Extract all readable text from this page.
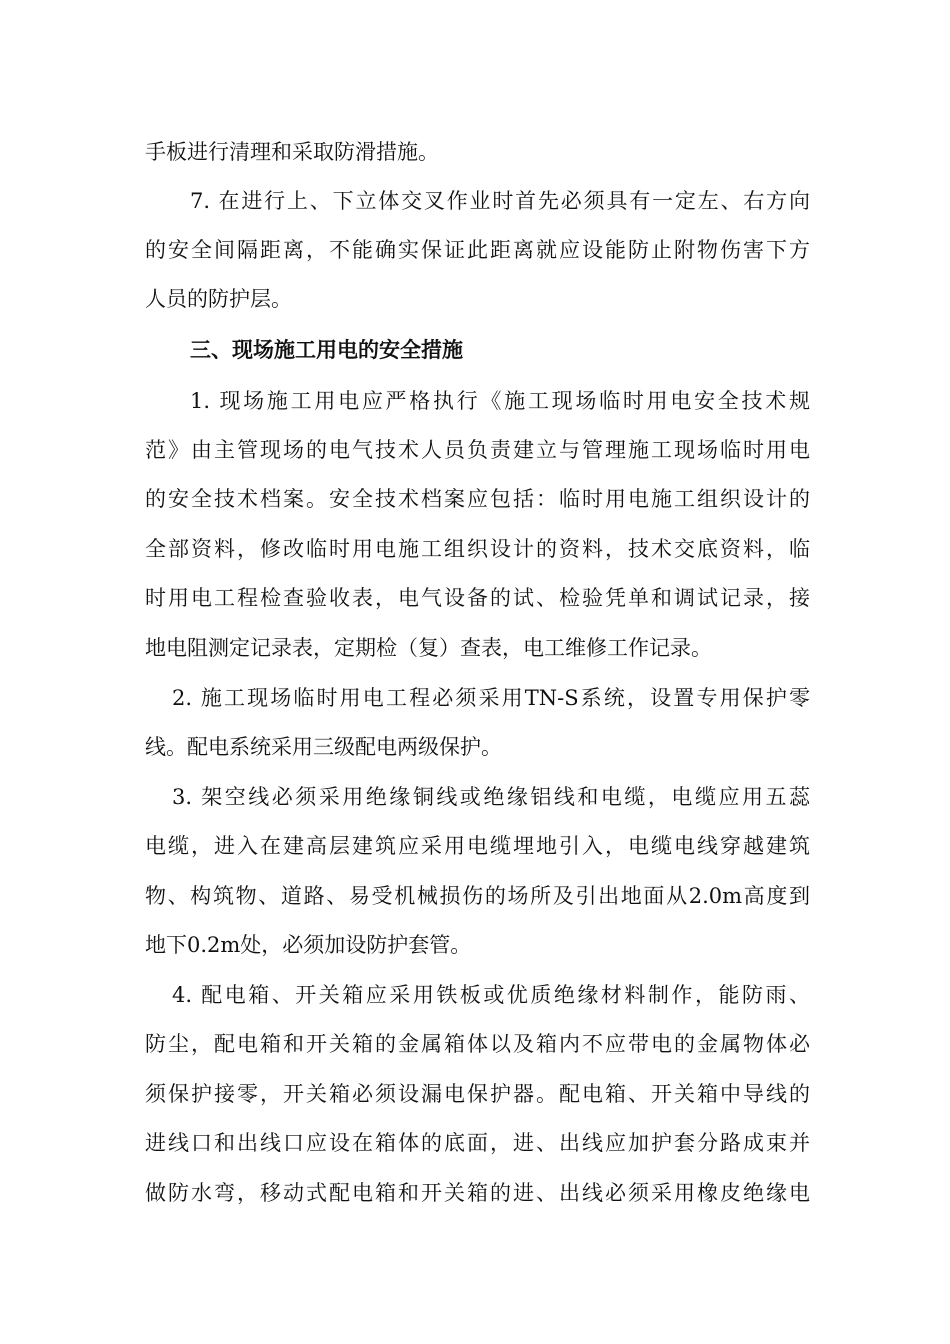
手板进行清理和采取防滑措施。
7. 在进行上、下立体交叉作业时首先必须具有一定左、右方向
的安全间隔距离，不能确实保证此距离就应设能防止附物伤害下方
人员的防护层。
三、现场施工用电的安全措施
1. 现场施工用电应严格执行《施工现场临时用电安全技术规
范》由主管现场的电气技术人员负责建立与管理施工现场临时用电
的安全技术档案。安全技术档案应包括：临时用电施工组织设计的
全部资料，修改临时用电施工组织设计的资料，技术交底资料，临
时用电工程检查验收表，电气设备的试、检验凭单和调试记录，接
地电阻测定记录表，定期检（复）查表，电工维修工作记录。
2. 施工现场临时用电工程必须采用TN-S系统，设置专用保护零
线。配电系统采用三级配电两级保护。
3. 架空线必须采用绝缘铜线或绝缘铝线和电缆，电缆应用五蕊
电缆，进入在建高层建筑应采用电缆埋地引入，电缆电线穿越建筑
物、构筑物、道路、易受机械损伤的场所及引出地面从2.0m高度到
地下0.2m处，必须加设防护套管。
4. 配电箱、开关箱应采用铁板或优质绝缘材料制作，能防雨、
防尘，配电箱和开关箱的金属箱体以及箱内不应带电的金属物体必
须保护接零，开关箱必须设漏电保护器。配电箱、开关箱中导线的
进线口和出线口应设在箱体的底面，进、出线应加护套分路成束并
做防水弯，移动式配电箱和开关箱的进、出线必须采用橡皮绝缘电
